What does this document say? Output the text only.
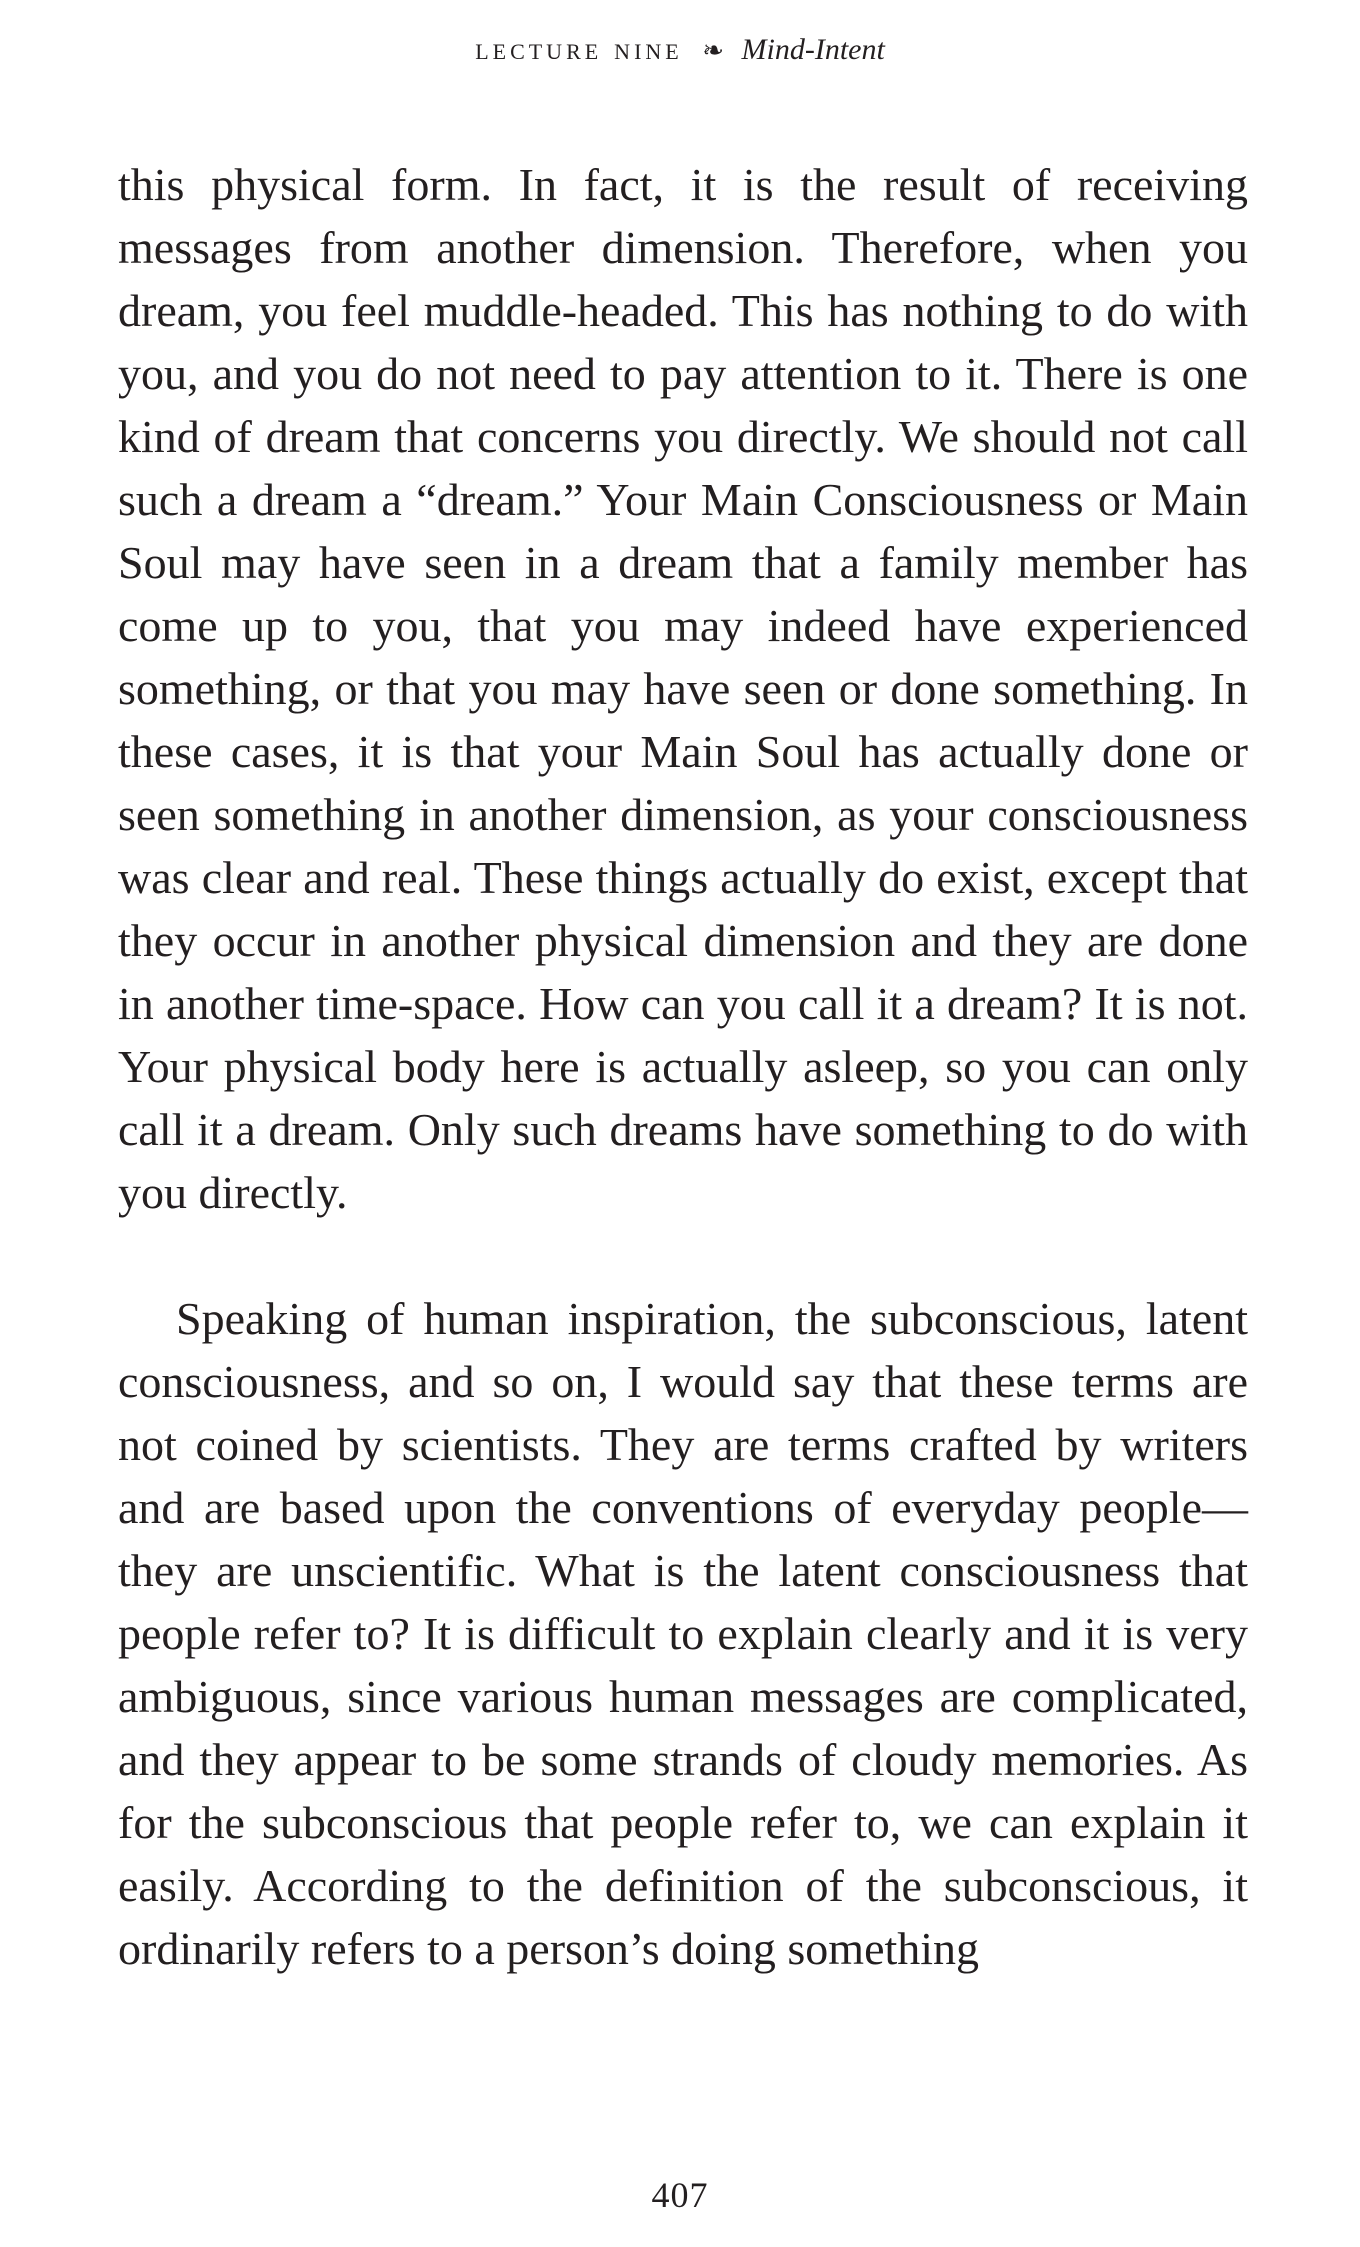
lecture nine ❧ Mind-Intent

this physical form. In fact, it is the result of receiving messages from another dimension. Therefore, when you dream, you feel muddle-headed. This has nothing to do with you, and you do not need to pay attention to it. There is one kind of dream that concerns you directly. We should not call such a dream a “dream.” Your Main Consciousness or Main Soul may have seen in a dream that a family member has come up to you, that you may indeed have experienced something, or that you may have seen or done something. In these cases, it is that your Main Soul has actually done or seen something in another dimension, as your consciousness was clear and real. These things actually do exist, except that they occur in another physical dimension and they are done in another time-space. How can you call it a dream? It is not. Your physical body here is actually asleep, so you can only call it a dream. Only such dreams have something to do with you directly.

Speaking of human inspiration, the subconscious, latent consciousness, and so on, I would say that these terms are not coined by scientists. They are terms crafted by writers and are based upon the conventions of everyday people—they are unscientific. What is the latent consciousness that people refer to? It is difficult to explain clearly and it is very ambiguous, since various human messages are complicated, and they appear to be some strands of cloudy memories. As for the subconscious that people refer to, we can explain it easily. According to the definition of the subconscious, it ordinarily refers to a person’s doing something

407
